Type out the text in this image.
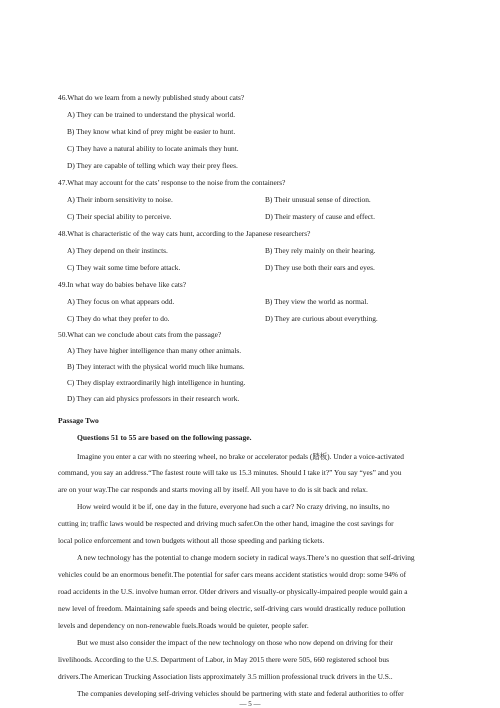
46.What do we learn from a newly published study about cats?
A) They can be trained to understand the physical world.
B) They know what kind of prey might be easier to hunt.
C) They have a natural ability to locate animals they hunt.
D) They are capable of telling which way their prey flees.
47.What may account for the cats’ response to the noise from the containers?
A) Their inborn sensitivity to noise.	B) Their unusual sense of direction.
C) Their special ability to perceive.	D) Their mastery of cause and effect.
48.What is characteristic of the way cats hunt, according to the Japanese researchers?
A) They depend on their instincts.	B) They rely mainly on their hearing.
C) They wait some time before attack.	D) They use both their ears and eyes.
49.In what way do babies behave like cats?
A) They focus on what appears odd.	B) They view the world as normal.
C) They do what they prefer to do.	D) They are curious about everything.
50.What can we conclude about cats from the passage?
A) They have higher intelligence than many other animals.
B) They interact with the physical world much like humans.
C) They display extraordinarily high intelligence in hunting.
D) They can aid physics professors in their research work.
Passage Two
Questions 51 to 55 are based on the following passage.
Imagine you enter a car with no steering wheel, no brake or accelerator pedals (踏板). Under a voice-activated
command, you say an address.“The fastest route will take us 15.3 minutes. Should I take it?” You say “yes” and you
are on your way.The car responds and starts moving all by itself. All you have to do is sit back and relax.
How weird would it be if, one day in the future, everyone had such a car? No crazy driving, no insults, no
cutting in; traffic laws would be respected and driving much safer.On the other hand, imagine the cost savings for
local police enforcement and town budgets without all those speeding and parking tickets.
A new technology has the potential to change modern society in radical ways.There’s no question that self-driving
vehicles could be an enormous benefit.The potential for safer cars means accident statistics would drop: some 94% of
road accidents in the U.S. involve human error. Older drivers and visually-or physically-impaired people would gain a
new level of freedom. Maintaining safe speeds and being electric, self-driving cars would drastically reduce pollution
levels and dependency on non-renewable fuels.Roads would be quieter, people safer.
But we must also consider the impact of the new technology on those who now depend on driving for their
livelihoods. According to the U.S. Department of Labor, in May 2015 there were 505, 660 registered school bus
drivers.The American Trucking Association lists approximately 3.5 million professional truck drivers in the U.S..
The companies developing self-driving vehicles should be partnering with state and federal authorities to offer
— 5 —
